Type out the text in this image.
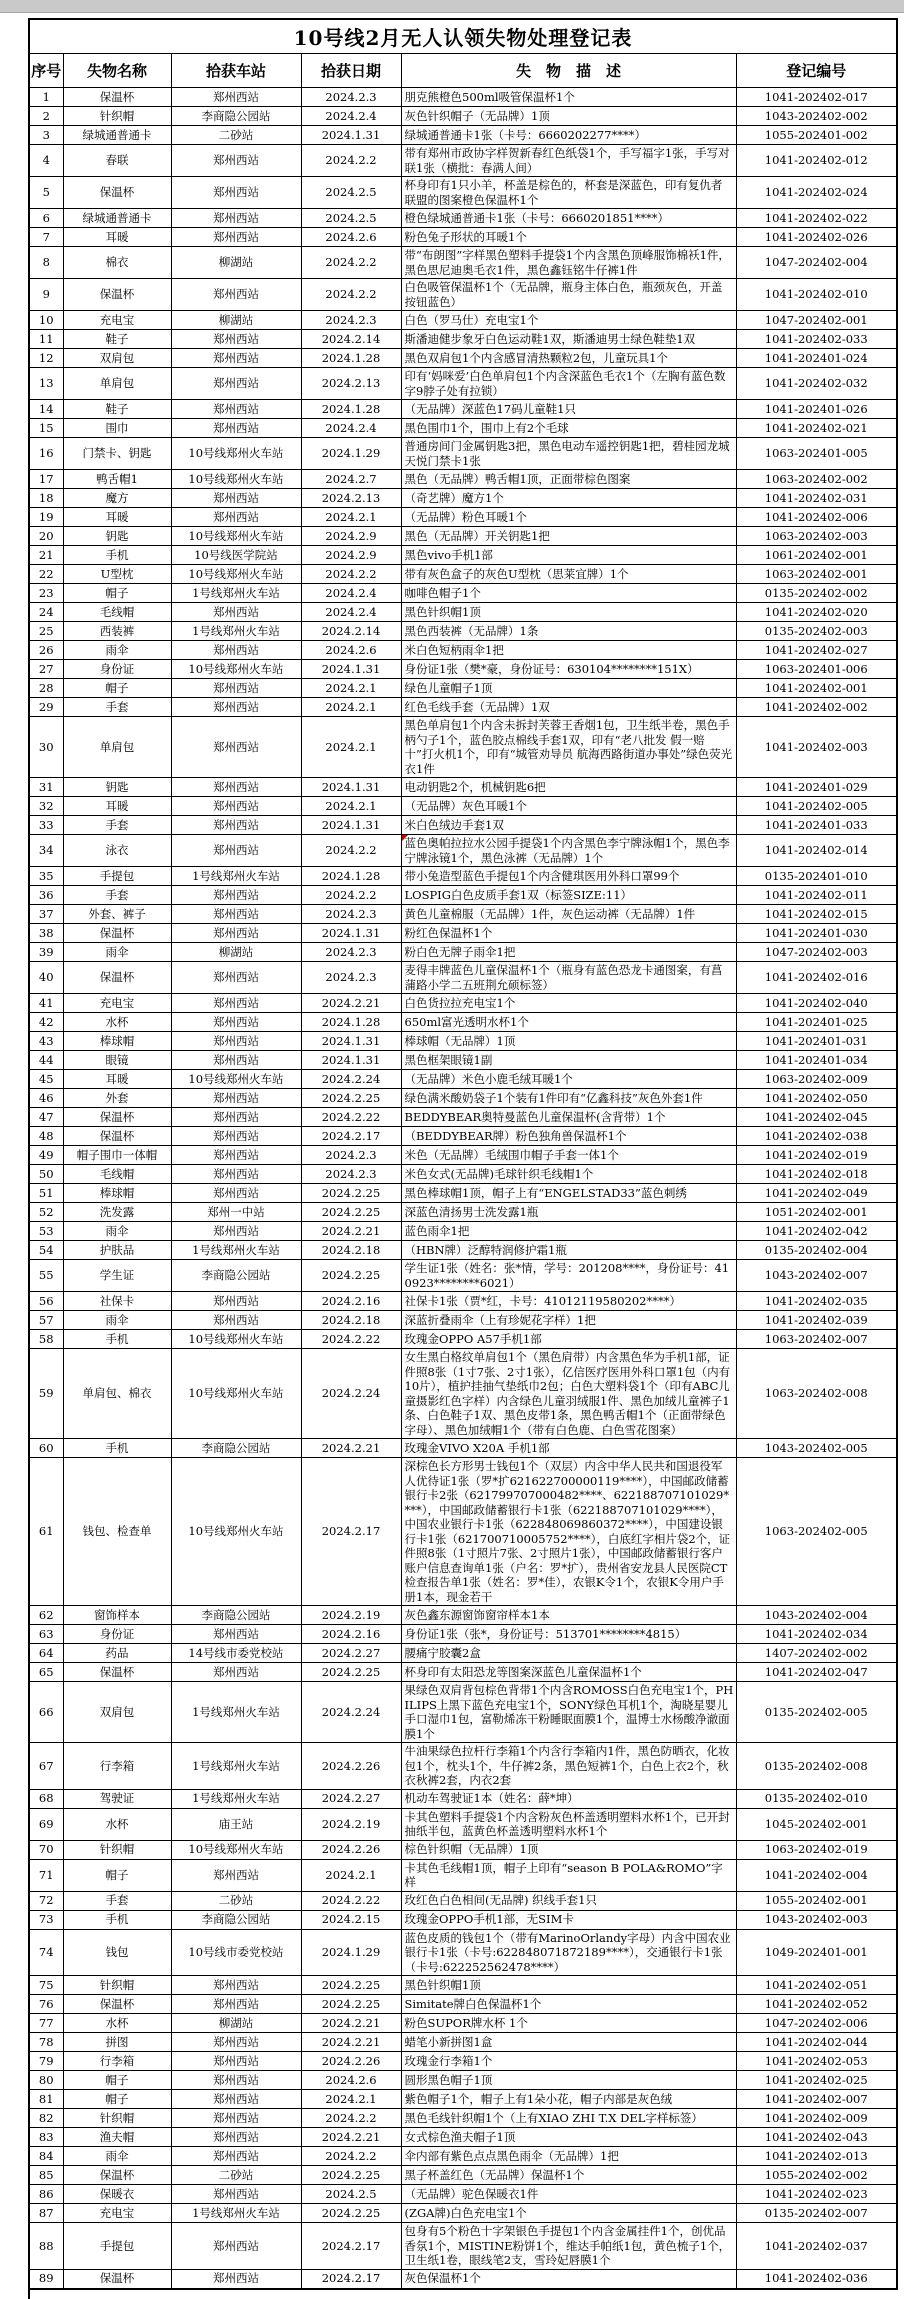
10号线2月无人认领失物处理登记表					
序号	失物名称	拾获车站	拾获日期	失　物　描　述	登记编号
1	保温杯	郑州西站	2024.2.3	朋克熊橙色500ml吸管保温杯1个	1041-202402-017
2	针织帽	李商隐公园站	2024.2.4	灰色针织帽子（无品牌）1顶	1043-202402-002
3	绿城通普通卡	二砂站	2024.1.31	绿城通普通卡1张（卡号：6660202277****）	1055-202401-002
4	春联	郑州西站	2024.2.2	带有郑州市政协字样贺新春红色纸袋1个，手写福字1张，手写对联1张（横批：春满人间）	1041-202402-012
5	保温杯	郑州西站	2024.2.5	杯身印有1只小羊，杯盖是棕色的，杯套是深蓝色，印有复仇者联盟的图案橙色保温杯1个	1041-202402-024
6	绿城通普通卡	郑州西站	2024.2.5	橙色绿城通普通卡1张（卡号：6660201851****）	1041-202402-022
7	耳暖	郑州西站	2024.2.6	粉色兔子形状的耳暖1个	1041-202402-026
8	棉衣	柳湖站	2024.2.2	带“布朗图”字样黑色塑料手提袋1个内含黑色顶峰服饰棉袄1件，黑色思尼迪奥毛衣1件，黑色鑫钰铭牛仔裤1件	1047-202402-004
9	保温杯	郑州西站	2024.2.2	白色吸管保温杯1个（无品牌，瓶身主体白色，瓶颈灰色，开盖按钮蓝色）	1041-202402-010
10	充电宝	柳湖站	2024.2.3	白色（罗马仕）充电宝1个	1047-202402-001
11	鞋子	郑州西站	2024.2.14	斯潘迪健步象牙白色运动鞋1双，斯潘迪男士绿色鞋垫1双	1041-202402-033
12	双肩包	郑州西站	2024.1.28	黑色双肩包1个内含感冒清热颗粒2包，儿童玩具1个	1041-202401-024
13	单肩包	郑州西站	2024.2.13	印有‘妈咪爱’白色单肩包1个内含深蓝色毛衣1个（左胸有蓝色数字9脖子处有拉锁）	1041-202402-032
14	鞋子	郑州西站	2024.1.28	（无品牌）深蓝色17码儿童鞋1只	1041-202401-026
15	围巾	郑州西站	2024.2.4	黑色围巾1个，围巾上有2个毛球	1041-202402-021
16	门禁卡、钥匙	10号线郑州火车站	2024.1.29	普通房间门金属钥匙3把，黑色电动车遥控钥匙1把，碧桂园龙城天悦门禁卡1张	1063-202401-005
17	鸭舌帽1	10号线郑州火车站	2024.2.7	黑色（无品牌）鸭舌帽1顶，正面带棕色图案	1063-202402-002
18	魔方	郑州西站	2024.2.13	（奇艺牌）魔方1个	1041-202402-031
19	耳暖	郑州西站	2024.2.1	（无品牌）粉色耳暖1个	1041-202402-006
20	钥匙	10号线郑州火车站	2024.2.9	黑色（无品牌）开关钥匙1把	1063-202402-003
21	手机	10号线医学院站	2024.2.9	黑色vivo手机1部	1061-202402-001
22	U型枕	10号线郑州火车站	2024.2.2	带有灰色盒子的灰色U型枕（思莱宜牌）1个	1063-202402-001
23	帽子	1号线郑州火车站	2024.2.4	咖啡色帽子1个	0135-202402-002
24	毛线帽	郑州西站	2024.2.4	黑色针织帽1顶	1041-202402-020
25	西装裤	1号线郑州火车站	2024.2.14	黑色西装裤（无品牌）1条	0135-202402-003
26	雨伞	郑州西站	2024.2.6	米白色短柄雨伞1把	1041-202402-027
27	身份证	10号线郑州火车站	2024.1.31	身份证1张（樊*豪，身份证号：630104********151X）	1063-202401-006
28	帽子	郑州西站	2024.2.1	绿色儿童帽子1顶	1041-202402-001
29	手套	郑州西站	2024.2.1	红色毛线手套（无品牌）1双	1041-202402-002
30	单肩包	郑州西站	2024.2.1	黑色单肩包1个内含未拆封芙蓉王香烟1包，卫生纸半卷，黑色手柄勺子1个，蓝色胶点棉线手套1双，印有“老八批发 假一赔十”打火机1个，印有“城管劝导员 航海西路街道办事处”绿色荧光衣1件	1041-202402-003
31	钥匙	郑州西站	2024.1.31	电动钥匙2个，机械钥匙6把	1041-202401-029
32	耳暖	郑州西站	2024.2.1	（无品牌）灰色耳暖1个	1041-202402-005
33	手套	郑州西站	2024.1.31	米白色绒边手套1双	1041-202401-033
34	泳衣	郑州西站	2024.2.2	蓝色奥帕拉拉水公园手提袋1个内含黑色李宁牌泳帽1个，黑色李宁牌泳镜1个，黑色泳裤（无品牌）1个	1041-202402-014
35	手提包	1号线郑州火车站	2024.1.28	带小兔造型蓝色手提包1个内含健琪医用外科口罩99个	0135-202401-010
36	手套	郑州西站	2024.2.2	LOSPIG白色皮质手套1双（标签SIZE:11）	1041-202402-011
37	外套、裤子	郑州西站	2024.2.3	黄色儿童棉服（无品牌）1件，灰色运动裤（无品牌）1件	1041-202402-015
38	保温杯	郑州西站	2024.1.31	粉红色保温杯1个	1041-202401-030
39	雨伞	柳湖站	2024.2.3	粉白色无牌子雨伞1把	1047-202402-003
40	保温杯	郑州西站	2024.2.3	麦得丰牌蓝色儿童保温杯1个（瓶身有蓝色恐龙卡通图案，有菖蒲路小学二五班荆允硕标签）	1041-202402-016
41	充电宝	郑州西站	2024.2.21	白色货拉拉充电宝1个	1041-202402-040
42	水杯	郑州西站	2024.1.28	650ml富光透明水杯1个	1041-202401-025
43	棒球帽	郑州西站	2024.1.31	棒球帽（无品牌）1顶	1041-202401-031
44	眼镜	郑州西站	2024.1.31	黑色框架眼镜1副	1041-202401-034
45	耳暖	10号线郑州火车站	2024.2.24	（无品牌）米色小鹿毛绒耳暖1个	1063-202402-009
46	外套	郑州西站	2024.2.25	绿色满米酸奶袋子1个装有1件印有“亿鑫科技”灰色外套1件	1041-202402-050
47	保温杯	郑州西站	2024.2.22	BEDDYBEAR奥特曼蓝色儿童保温杯(含背带）1个	1041-202402-045
48	保温杯	郑州西站	2024.2.17	（BEDDYBEAR牌）粉色独角兽保温杯1个	1041-202402-038
49	帽子围巾一体帽	郑州西站	2024.2.3	米色（无品牌）毛绒围巾帽子手套一体1个	1041-202402-019
50	毛线帽	郑州西站	2024.2.3	米色女式(无品牌)毛球针织毛线帽1个	1041-202402-018
51	棒球帽	郑州西站	2024.2.25	黑色棒球帽1顶，帽子上有“ENGELSTAD33”蓝色刺绣	1041-202402-049
52	洗发露	郑州一中站	2024.2.25	深蓝色清扬男士洗发露1瓶	1051-202402-001
53	雨伞	郑州西站	2024.2.21	蓝色雨伞1把	1041-202402-042
54	护肤品	1号线郑州火车站	2024.2.18	（HBN牌）泛醇特润修护霜1瓶	0135-202402-004
55	学生证	李商隐公园站	2024.2.25	学生证1张（姓名：张*情，学号：201208****，身份证号：410923********6021）	1043-202402-007
56	社保卡	郑州西站	2024.2.16	社保卡1张（贾*红，卡号：41012119580202****）	1041-202402-035
57	雨伞	郑州西站	2024.2.18	深蓝折叠雨伞（上有珍妮花字样）1把	1041-202402-039
58	手机	10号线郑州火车站	2024.2.22	玫瑰金OPPO A57手机1部	1063-202402-007
59	单肩包、棉衣	10号线郑州火车站	2024.2.24	女生黑白格纹单肩包1个（黑色肩带）内含黑色华为手机1部，证件照8张（1寸7张、2寸1张），亿信医疗医用外科口罩1包（内有10片），植护挂抽气垫纸巾2包；白色大塑料袋1个（印有ABC儿童摄影红色字样）内含绿色儿童羽绒服1件、黑色加绒儿童裤子1条、白色鞋子1双、黑色皮带1条，黑色鸭舌帽1个（正面带绿色字母）、黑色加绒帽1个（带有白色鹿、白色雪花图案）	1063-202402-008
60	手机	李商隐公园站	2024.2.21	玫瑰金VIVO X20A 手机1部	1043-202402-005
61	钱包、检查单	10号线郑州火车站	2024.2.17	深棕色长方形男士钱包1个（双层）内含中华人民共和国退役军人优待证1张（罗*扩621622700000119****），中国邮政储蓄银行卡2张（621799707000482****、622188707101029****），中国邮政储蓄银行卡1张（622188707101029****），中国农业银行卡1张（622848069860372****），中国建设银行卡1张（621700710005752****），白底红字相片袋2个，证件照8张（1寸照片7张、2寸照片1张），中国邮政储蓄银行客户账户信息查询单1张（户名：罗*扩），贵州省安龙县人民医院CT检查报告单1张（姓名：罗*佳），农银K令1个，农银K令用户手册1本，现金若干	1063-202402-005
62	窗饰样本	李商隐公园站	2024.2.19	灰色鑫东源窗饰窗帘样本1本	1043-202402-004
63	身份证	郑州西站	2024.2.16	身份证1张（张*，身份证号：513701********4815）	1041-202402-034
64	药品	14号线市委党校站	2024.2.27	腰痛宁胶囊2盒	1407-202402-002
65	保温杯	郑州西站	2024.2.25	杯身印有太阳恐龙等图案深蓝色儿童保温杯1个	1041-202402-047
66	双肩包	1号线郑州火车站	2024.2.24	果绿色双肩背包棕色背带1个内含ROMOSS白色充电宝1个，PHILIPS上黑下蓝色充电宝1个，SONY绿色耳机1个，淘晓星婴儿手口湿巾1包，富勒烯冻干粉睡眠面膜1个，温博士水杨酸净澈面膜1个	0135-202402-005
67	行李箱	1号线郑州火车站	2024.2.26	牛油果绿色拉杆行李箱1个内含行李箱内1件，黑色防晒衣，化妆包1个，枕头1个，牛仔裤2条，黑色短裤1个，白色上衣2个，秋衣秋裤2套，内衣2套	0135-202402-008
68	驾驶证	1号线郑州火车站	2024.2.27	机动车驾驶证1本（姓名：薛*坤）	0135-202402-010
69	水杯	庙王站	2024.2.19	卡其色塑料手提袋1个内含粉灰色杯盖透明塑料水杯1个，已开封抽纸半包，蓝黄色杯盖透明塑料水杯1个	1045-202402-001
70	针织帽	10号线郑州火车站	2024.2.26	棕色针织帽（无品牌）1顶	1063-202402-019
71	帽子	郑州西站	2024.2.1	卡其色毛线帽1顶，帽子上印有“season B POLA&ROMO”字样	1041-202402-004
72	手套	二砂站	2024.2.22	玫红色白色相间(无品牌) 织线手套1只	1055-202402-001
73	手机	李商隐公园站	2024.2.15	玫瑰金OPPO手机1部，无SIM卡	1043-202402-003
74	钱包	10号线市委党校站	2024.1.29	蓝色皮质的钱包1个（带有MarinoOrlandy字母）内含中国农业银行卡1张（卡号:622848071872189****），交通银行卡1张（卡号:622252562478****）	1049-202401-001
75	针织帽	郑州西站	2024.2.25	黑色针织帽1顶	1041-202402-051
76	保温杯	郑州西站	2024.2.25	Simitate牌白色保温杯1个	1041-202402-052
77	水杯	柳湖站	2024.2.21	粉色SUPOR牌水杯 1个	1047-202402-006
78	拼图	郑州西站	2024.2.21	蜡笔小新拼图1盒	1041-202402-044
79	行李箱	郑州西站	2024.2.26	玫瑰金行李箱1个	1041-202402-053
80	帽子	郑州西站	2024.2.6	圆形黑色帽子1顶	1041-202402-025
81	帽子	郑州西站	2024.2.1	紫色帽子1个，帽子上有1朵小花，帽子内部是灰色绒	1041-202402-007
82	针织帽	郑州西站	2024.2.2	黑色毛线针织帽1个（上有XIAO ZHI T.X DEL字样标签）	1041-202402-009
83	渔夫帽	郑州西站	2024.2.21	女式棕色渔夫帽子1顶	1041-202402-043
84	雨伞	郑州西站	2024.2.2	伞内部有紫色点点黑色雨伞（无品牌）1把	1041-202402-013
85	保温杯	二砂站	2024.2.25	黑子杯盖红色（无品牌）保温杯1个	1055-202402-002
86	保暖衣	郑州西站	2024.2.5	（无品牌）驼色保暖衣1件	1041-202402-023
87	充电宝	1号线郑州火车站	2024.2.25	(ZGA牌)白色充电宝1个	0135-202402-007
88	手提包	郑州西站	2024.2.17	包身有5个粉色十字架银色手提包1个内含金属挂件1个，创优品香氛1个，MISTINE粉饼1个，维达手帕纸1包，黄色梳子1个，卫生纸1卷，眼线笔2支，雪玲妃唇膜1个	1041-202402-037
89	保温杯	郑州西站	2024.2.17	灰色保温杯1个	1041-202402-036
